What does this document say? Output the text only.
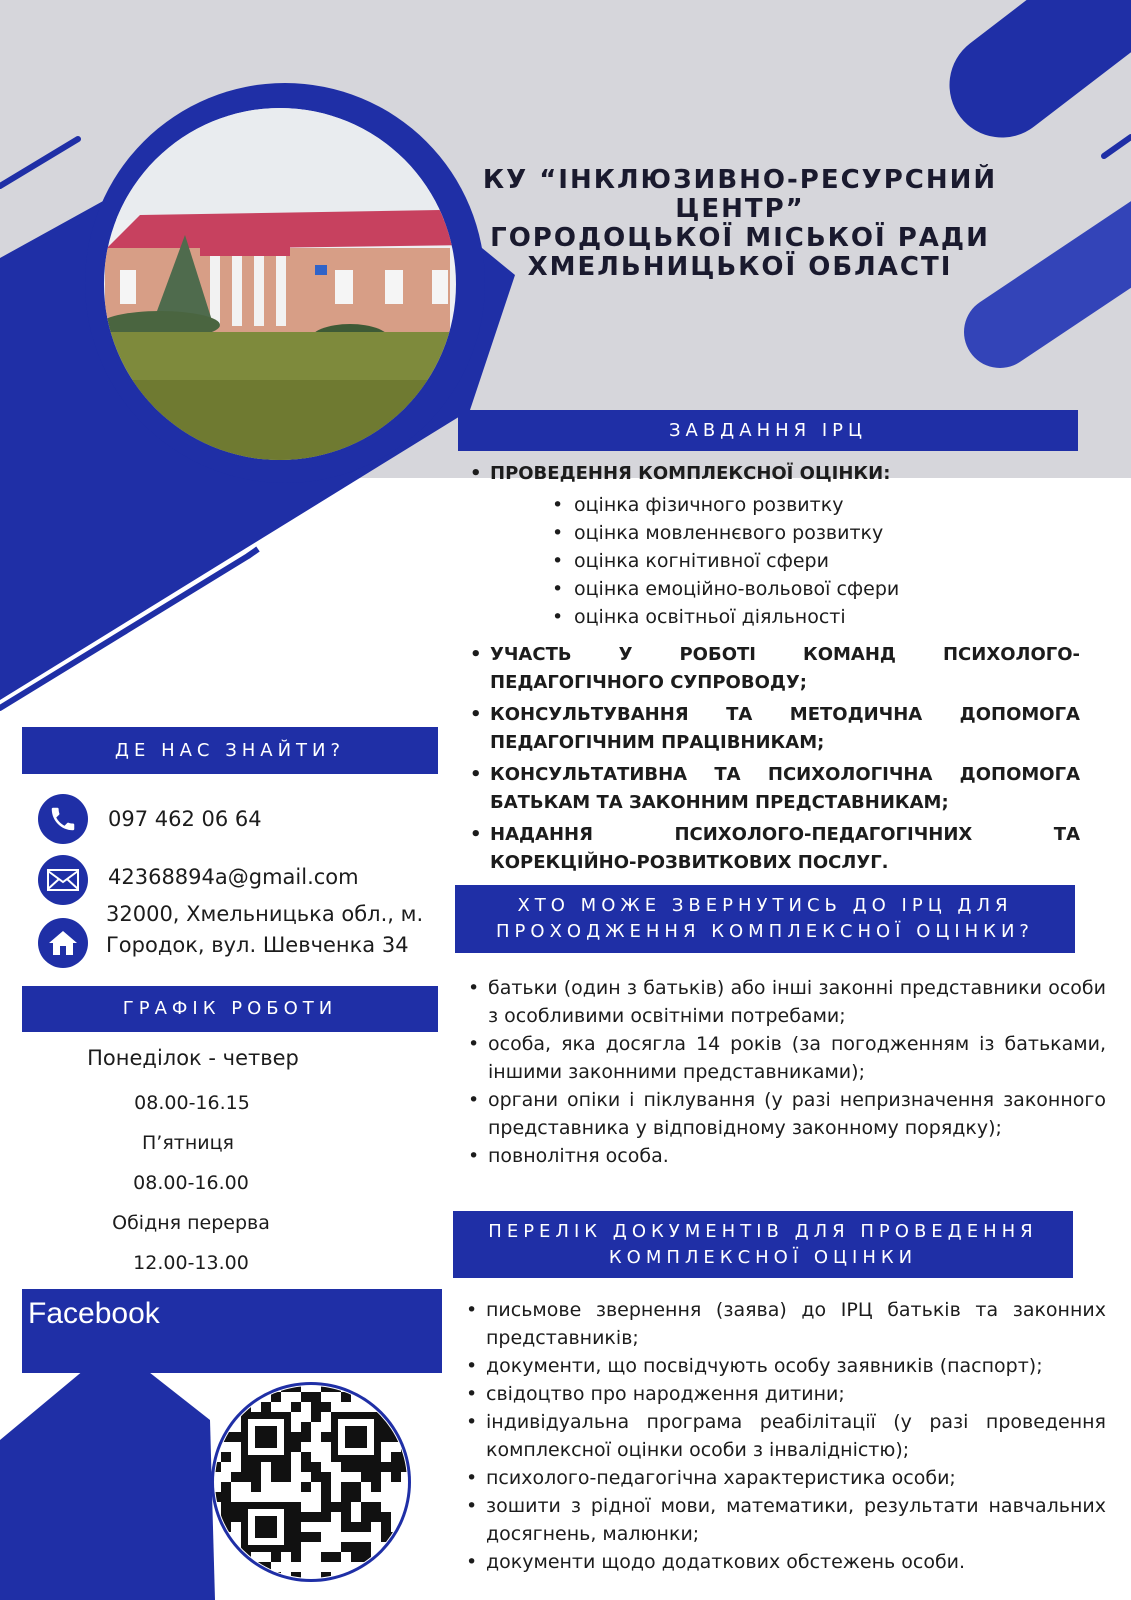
КУ “ІНКЛЮЗИВНО-РЕСУРСНИЙ
ЦЕНТР”
ГОРОДОЦЬКОЇ МІСЬКОЇ РАДИ
ХМЕЛЬНИЦЬКОЇ ОБЛАСТІ
ЗАВДАННЯ ІРЦ
• ПРОВЕДЕННЯ КОМПЛЕКСНОЇ ОЦІНКИ:
• оцінка фізичного розвитку
• оцінка мовленнєвого розвитку
• оцінка когнітивної сфери
• оцінка емоційно-вольової сфери
• оцінка освітньої діяльності
• УЧАСТЬ У РОБОТІ КОМАНД ПСИХОЛОГО-ПЕДАГОГІЧНОГО СУПРОВОДУ;
• КОНСУЛЬТУВАННЯ ТА МЕТОДИЧНА ДОПОМОГА ПЕДАГОГІЧНИМ ПРАЦІВНИКАМ;
• КОНСУЛЬТАТИВНА ТА ПСИХОЛОГІЧНА ДОПОМОГА БАТЬКАМ ТА ЗАКОННИМ ПРЕДСТАВНИКАМ;
• НАДАННЯ ПСИХОЛОГО-ПЕДАГОГІЧНИХ ТА КОРЕКЦІЙНО-РОЗВИТКОВИХ ПОСЛУГ.
ХТО МОЖЕ ЗВЕРНУТИСЬ ДО ІРЦ ДЛЯ
ПРОХОДЖЕННЯ КОМПЛЕКСНОЇ ОЦІНКИ?
• батьки (один з батьків) або інші законні представники особи з особливими освітніми потребами;
• особа, яка досягла 14 років (за погодженням із батьками, іншими законними представниками);
• органи опіки і піклування (у разі непризначення законного представника у відповідному законному порядку);
• повнолітня особа.
ПЕРЕЛІК ДОКУМЕНТІВ ДЛЯ ПРОВЕДЕННЯ
КОМПЛЕКСНОЇ ОЦІНКИ
• письмове звернення (заява) до ІРЦ батьків та законних представників;
• документи, що посвідчують особу заявників (паспорт);
• свідоцтво про народження дитини;
• індивідуальна програма реабілітації (у разі проведення комплексної оцінки особи з інвалідністю);
• психолого-педагогічна характеристика особи;
• зошити з рідної мови, математики, результати навчальних досягнень, малюнки;
• документи щодо додаткових обстежень особи.
ДЕ НАС ЗНАЙТИ?
097 462 06 64
42368894a@gmail.com
32000, Хмельницька обл., м.
Городок, вул. Шевченка 34
ГРАФІК РОБОТИ
Понеділок - четвер
08.00-16.15
П’ятниця
08.00-16.00
Обідня перерва
12.00-13.00
Facebook
